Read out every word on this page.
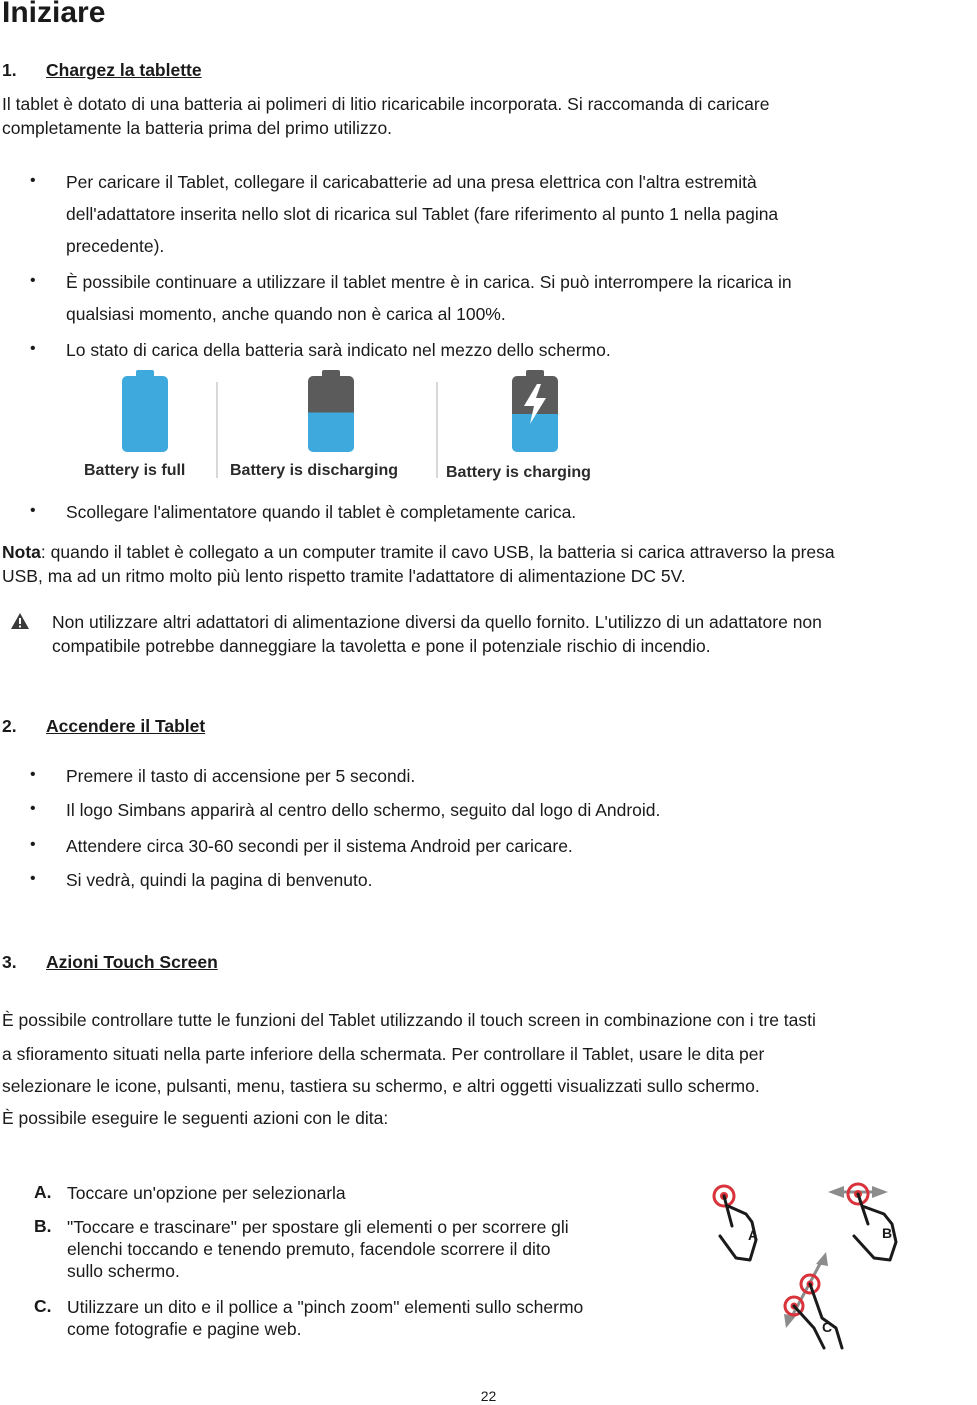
Iniziare
1. Chargez la tablette
Il tablet è dotato di una batteria ai polimeri di litio ricaricabile incorporata. Si raccomanda di caricare
completamente la batteria prima del primo utilizzo.
• Per caricare il Tablet, collegare il caricabatterie ad una presa elettrica con l'altra estremità
dell'adattatore inserita nello slot di ricarica sul Tablet (fare riferimento al punto 1 nella pagina
precedente).
• È possibile continuare a utilizzare il tablet mentre è in carica. Si può interrompere la ricarica in
qualsiasi momento, anche quando non è carica al 100%.
• Lo stato di carica della batteria sarà indicato nel mezzo dello schermo.
Battery is full	Battery is discharging	Battery is charging
• Scollegare l'alimentatore quando il tablet è completamente carica.
Nota: quando il tablet è collegato a un computer tramite il cavo USB, la batteria si carica attraverso la presa
USB, ma ad un ritmo molto più lento rispetto tramite l'adattatore di alimentazione DC 5V.
Non utilizzare altri adattatori di alimentazione diversi da quello fornito. L'utilizzo di un adattatore non
compatibile potrebbe danneggiare la tavoletta e pone il potenziale rischio di incendio.
2. Accendere il Tablet
• Premere il tasto di accensione per 5 secondi.
• Il logo Simbans apparirà al centro dello schermo, seguito dal logo di Android.
• Attendere circa 30-60 secondi per il sistema Android per caricare.
• Si vedrà, quindi la pagina di benvenuto.
3. Azioni Touch Screen
È possibile controllare tutte le funzioni del Tablet utilizzando il touch screen in combinazione con i tre tasti
a sfioramento situati nella parte inferiore della schermata. Per controllare il Tablet, usare le dita per
selezionare le icone, pulsanti, menu, tastiera su schermo, e altri oggetti visualizzati sullo schermo.
È possibile eseguire le seguenti azioni con le dita:
A. Toccare un'opzione per selezionarla
B. "Toccare e trascinare" per spostare gli elementi o per scorrere gli
elenchi toccando e tenendo premuto, facendole scorrere il dito
sullo schermo.
C. Utilizzare un dito e il pollice a "pinch zoom" elementi sullo schermo
come fotografie e pagine web.
A	B
C
22
